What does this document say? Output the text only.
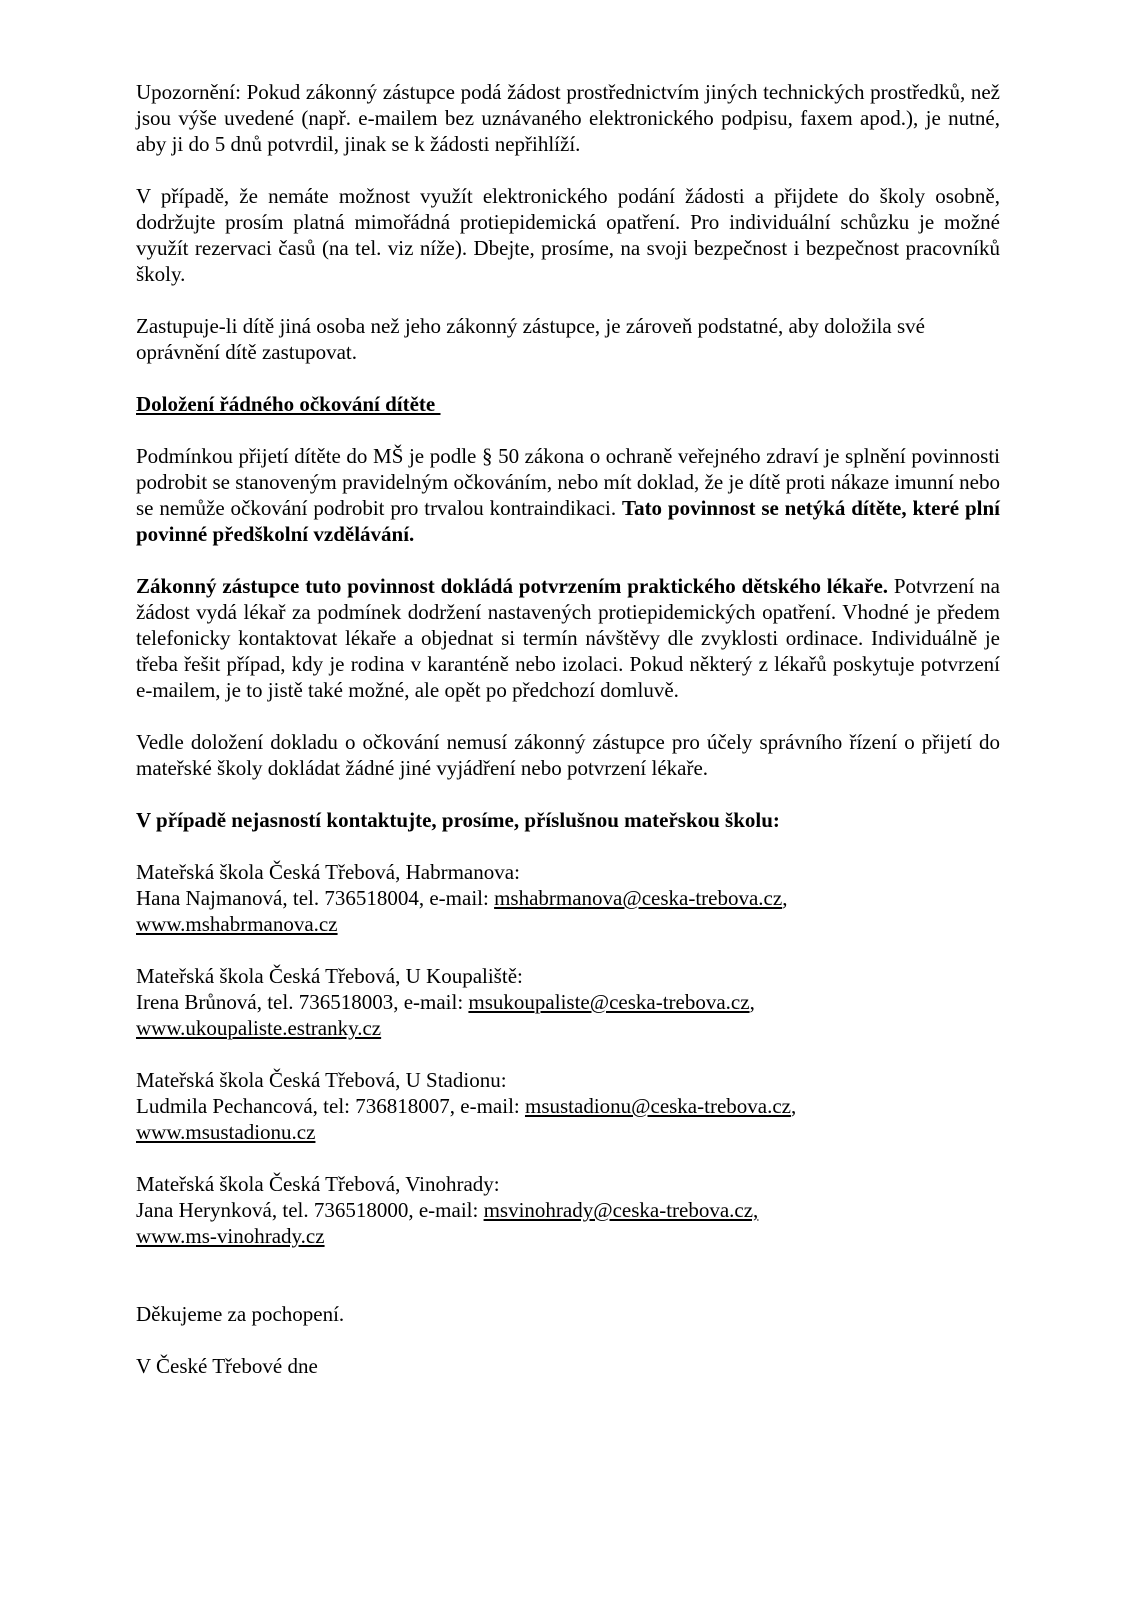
Upozornění: Pokud zákonný zástupce podá žádost prostřednictvím jiných technických prostředků, než jsou výše uvedené (např. e-mailem bez uznávaného elektronického podpisu, faxem apod.), je nutné, aby ji do 5 dnů potvrdil, jinak se k žádosti nepřihlíží.

V případě, že nemáte možnost využít elektronického podání žádosti a přijdete do školy osobně, dodržujte prosím platná mimořádná protiepidemická opatření. Pro individuální schůzku je možné využít rezervaci časů (na tel. viz níže). Dbejte, prosíme, na svoji bezpečnost i bezpečnost pracovníků školy.

Zastupuje-li dítě jiná osoba než jeho zákonný zástupce, je zároveň podstatné, aby doložila své oprávnění dítě zastupovat.

Doložení řádného očkování dítěte

Podmínkou přijetí dítěte do MŠ je podle § 50 zákona o ochraně veřejného zdraví je splnění povinnosti podrobit se stanoveným pravidelným očkováním, nebo mít doklad, že je dítě proti nákaze imunní nebo se nemůže očkování podrobit pro trvalou kontraindikaci. Tato povinnost se netýká dítěte, které plní povinné předškolní vzdělávání.

Zákonný zástupce tuto povinnost dokládá potvrzením praktického dětského lékaře. Potvrzení na žádost vydá lékař za podmínek dodržení nastavených protiepidemických opatření. Vhodné je předem telefonicky kontaktovat lékaře a objednat si termín návštěvy dle zvyklosti ordinace. Individuálně je třeba řešit případ, kdy je rodina v karanténě nebo izolaci. Pokud některý z lékařů poskytuje potvrzení e-mailem, je to jistě také možné, ale opět po předchozí domluvě.

Vedle doložení dokladu o očkování nemusí zákonný zástupce pro účely správního řízení o přijetí do mateřské školy dokládat žádné jiné vyjádření nebo potvrzení lékaře.

V případě nejasností kontaktujte, prosíme, příslušnou mateřskou školu:

Mateřská škola Česká Třebová, Habrmanova:
Hana Najmanová, tel. 736518004, e-mail: mshabrmanova@ceska-trebova.cz,
www.mshabrmanova.cz
Mateřská škola Česká Třebová, U Koupaliště:
Irena Brůnová, tel. 736518003, e-mail: msukoupaliste@ceska-trebova.cz,
www.ukoupaliste.estranky.cz
Mateřská škola Česká Třebová, U Stadionu:
Ludmila Pechancová, tel: 736818007, e-mail: msustadionu@ceska-trebova.cz,
www.msustadionu.cz
Mateřská škola Česká Třebová, Vinohrady:
Jana Herynková, tel. 736518000, e-mail: msvinohrady@ceska-trebova.cz,
www.ms-vinohrady.cz

Děkujeme za pochopení.

V České Třebové dne
